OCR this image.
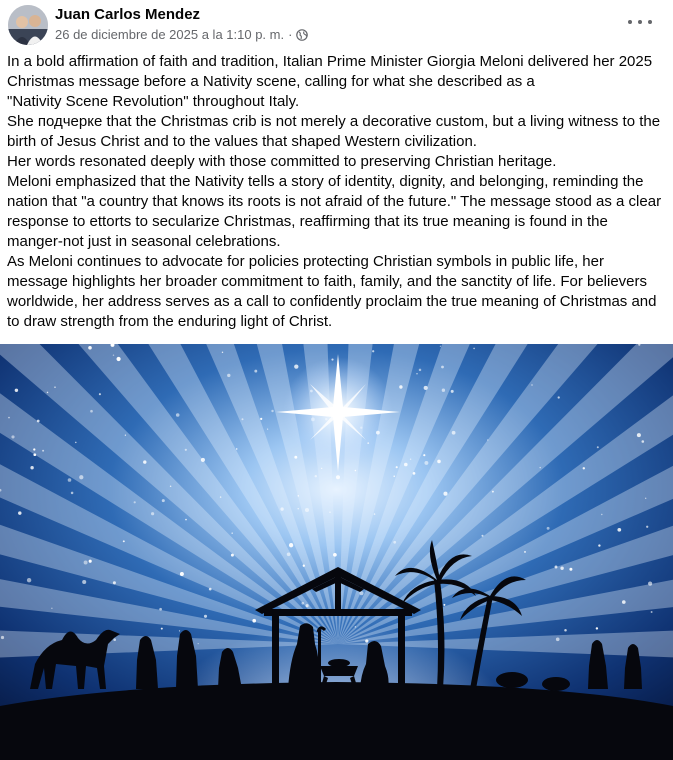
Juan Carlos Mendez
26 de diciembre de 2025 a la 1:10 p. m. ·

In a bold affirmation of faith and tradition, Italian Prime Minister Giorgia Meloni delivered her 2025 Christmas message before a Nativity scene, calling for what she described as a

"Nativity Scene Revolution" throughout Italy.

She подчерке that the Christmas crib is not merely a decorative custom, but a living witness to the birth of Jesus Christ and to the values that shaped Western civilization.

Her words resonated deeply with those committed to preserving Christian heritage.

Meloni emphasized that the Nativity tells a story of identity, dignity, and belonging, reminding the nation that "a country that knows its roots is not afraid of the future." The message stood as a clear response to ettorts to secularize Christmas, reaffirming that its true meaning is found in the manger-not just in seasonal celebrations.

As Meloni continues to advocate for policies protecting Christian symbols in public life, her message highlights her broader commitment to faith, family, and the sanctity of life. For believers worldwide, her address serves as a call to confidently proclaim the true meaning of Christmas and to draw strength from the enduring light of Christ.
